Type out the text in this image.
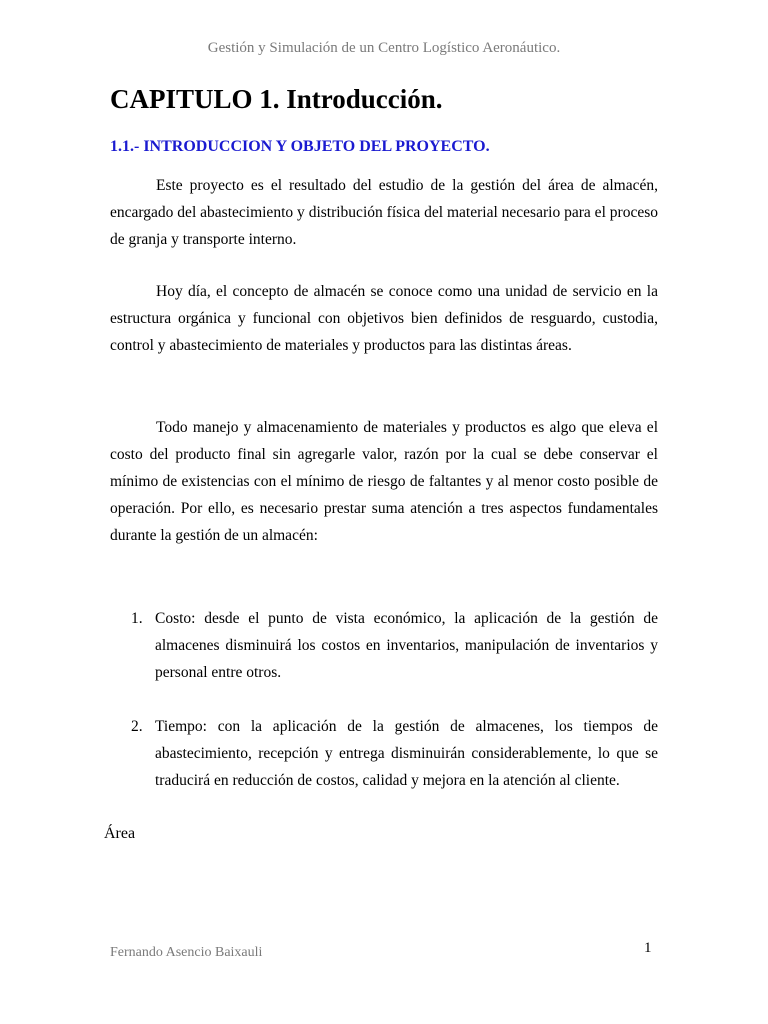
Gestión y Simulación de un Centro Logístico Aeronáutico.
CAPITULO 1. Introducción.
1.1.- INTRODUCCION Y OBJETO DEL PROYECTO.

Este proyecto es el resultado del estudio de la gestión del área de almacén, encargado del abastecimiento y distribución física del material necesario para el proceso de granja y transporte interno.

Hoy día, el concepto de almacén se conoce como una unidad de servicio en la estructura orgánica y funcional con objetivos bien definidos de resguardo, custodia, control y abastecimiento de materiales y productos para las distintas áreas.

Todo manejo y almacenamiento de materiales y productos es algo que eleva el costo del producto final sin agregarle valor, razón por la cual se debe conservar el mínimo de existencias con el mínimo de riesgo de faltantes y al menor costo posible de operación. Por ello, es necesario prestar suma atención a tres aspectos fundamentales durante la gestión de un almacén:

1. Costo: desde el punto de vista económico, la aplicación de la gestión de almacenes disminuirá los costos en inventarios, manipulación de inventarios y personal entre otros.
2. Tiempo: con la aplicación de la gestión de almacenes, los tiempos de abastecimiento, recepción y entrega disminuirán considerablemente, lo que se traducirá en reducción de costos, calidad y mejora en la atención al cliente.
Área
Fernando Asencio Baixauli	1
